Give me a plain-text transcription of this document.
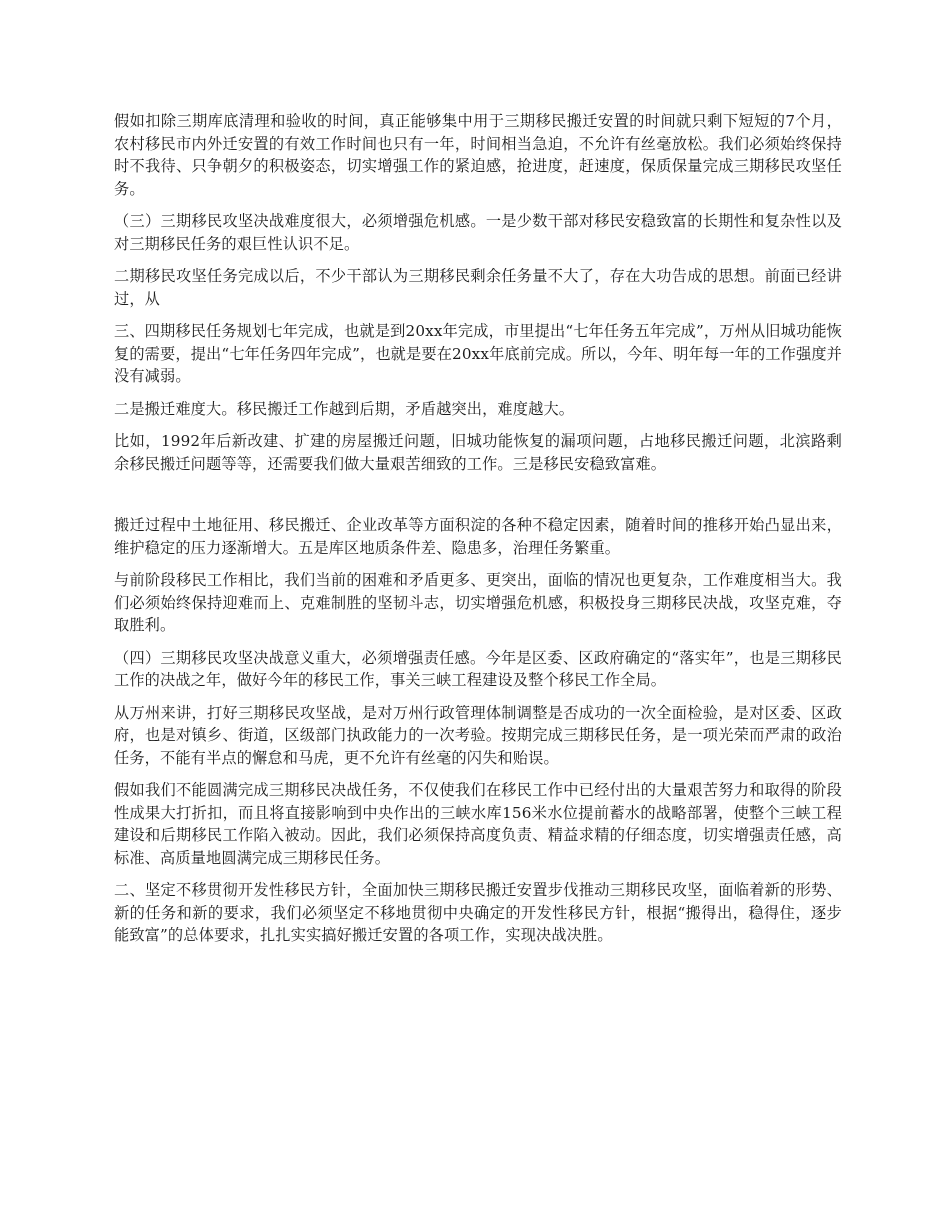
假如扣除三期库底清理和验收的时间，真正能够集中用于三期移民搬迁安置的时间就只剩下短短的7个月，农村移民市内外迁安置的有效工作时间也只有一年，时间相当急迫，不允许有丝毫放松。我们必须始终保持时不我待、只争朝夕的积极姿态，切实增强工作的紧迫感，抢进度，赶速度，保质保量完成三期移民攻坚任务。

（三）三期移民攻坚决战难度很大，必须增强危机感。一是少数干部对移民安稳致富的长期性和复杂性以及对三期移民任务的艰巨性认识不足。

二期移民攻坚任务完成以后，不少干部认为三期移民剩余任务量不大了，存在大功告成的思想。前面已经讲过，从

三、四期移民任务规划七年完成，也就是到20xx年完成，市里提出“七年任务五年完成”，万州从旧城功能恢复的需要，提出“七年任务四年完成”，也就是要在20xx年底前完成。所以，今年、明年每一年的工作强度并没有减弱。

二是搬迁难度大。移民搬迁工作越到后期，矛盾越突出，难度越大。

比如，1992年后新改建、扩建的房屋搬迁问题，旧城功能恢复的漏项问题，占地移民搬迁问题，北滨路剩余移民搬迁问题等等，还需要我们做大量艰苦细致的工作。三是移民安稳致富难。

搬迁过程中土地征用、移民搬迁、企业改革等方面积淀的各种不稳定因素，随着时间的推移开始凸显出来，维护稳定的压力逐渐增大。五是库区地质条件差、隐患多，治理任务繁重。

与前阶段移民工作相比，我们当前的困难和矛盾更多、更突出，面临的情况也更复杂，工作难度相当大。我们必须始终保持迎难而上、克难制胜的坚韧斗志，切实增强危机感，积极投身三期移民决战，攻坚克难，夺取胜利。

（四）三期移民攻坚决战意义重大，必须增强责任感。今年是区委、区政府确定的“落实年”，也是三期移民工作的决战之年，做好今年的移民工作，事关三峡工程建设及整个移民工作全局。

从万州来讲，打好三期移民攻坚战，是对万州行政管理体制调整是否成功的一次全面检验，是对区委、区政府，也是对镇乡、街道，区级部门执政能力的一次考验。按期完成三期移民任务，是一项光荣而严肃的政治任务，不能有半点的懈怠和马虎，更不允许有丝毫的闪失和贻误。

假如我们不能圆满完成三期移民决战任务，不仅使我们在移民工作中已经付出的大量艰苦努力和取得的阶段性成果大打折扣，而且将直接影响到中央作出的三峡水库156米水位提前蓄水的战略部署，使整个三峡工程建设和后期移民工作陷入被动。因此，我们必须保持高度负责、精益求精的仔细态度，切实增强责任感，高标准、高质量地圆满完成三期移民任务。

二、坚定不移贯彻开发性移民方针，全面加快三期移民搬迁安置步伐推动三期移民攻坚，面临着新的形势、新的任务和新的要求，我们必须坚定不移地贯彻中央确定的开发性移民方针，根据“搬得出，稳得住，逐步能致富”的总体要求，扎扎实实搞好搬迁安置的各项工作，实现决战决胜。
